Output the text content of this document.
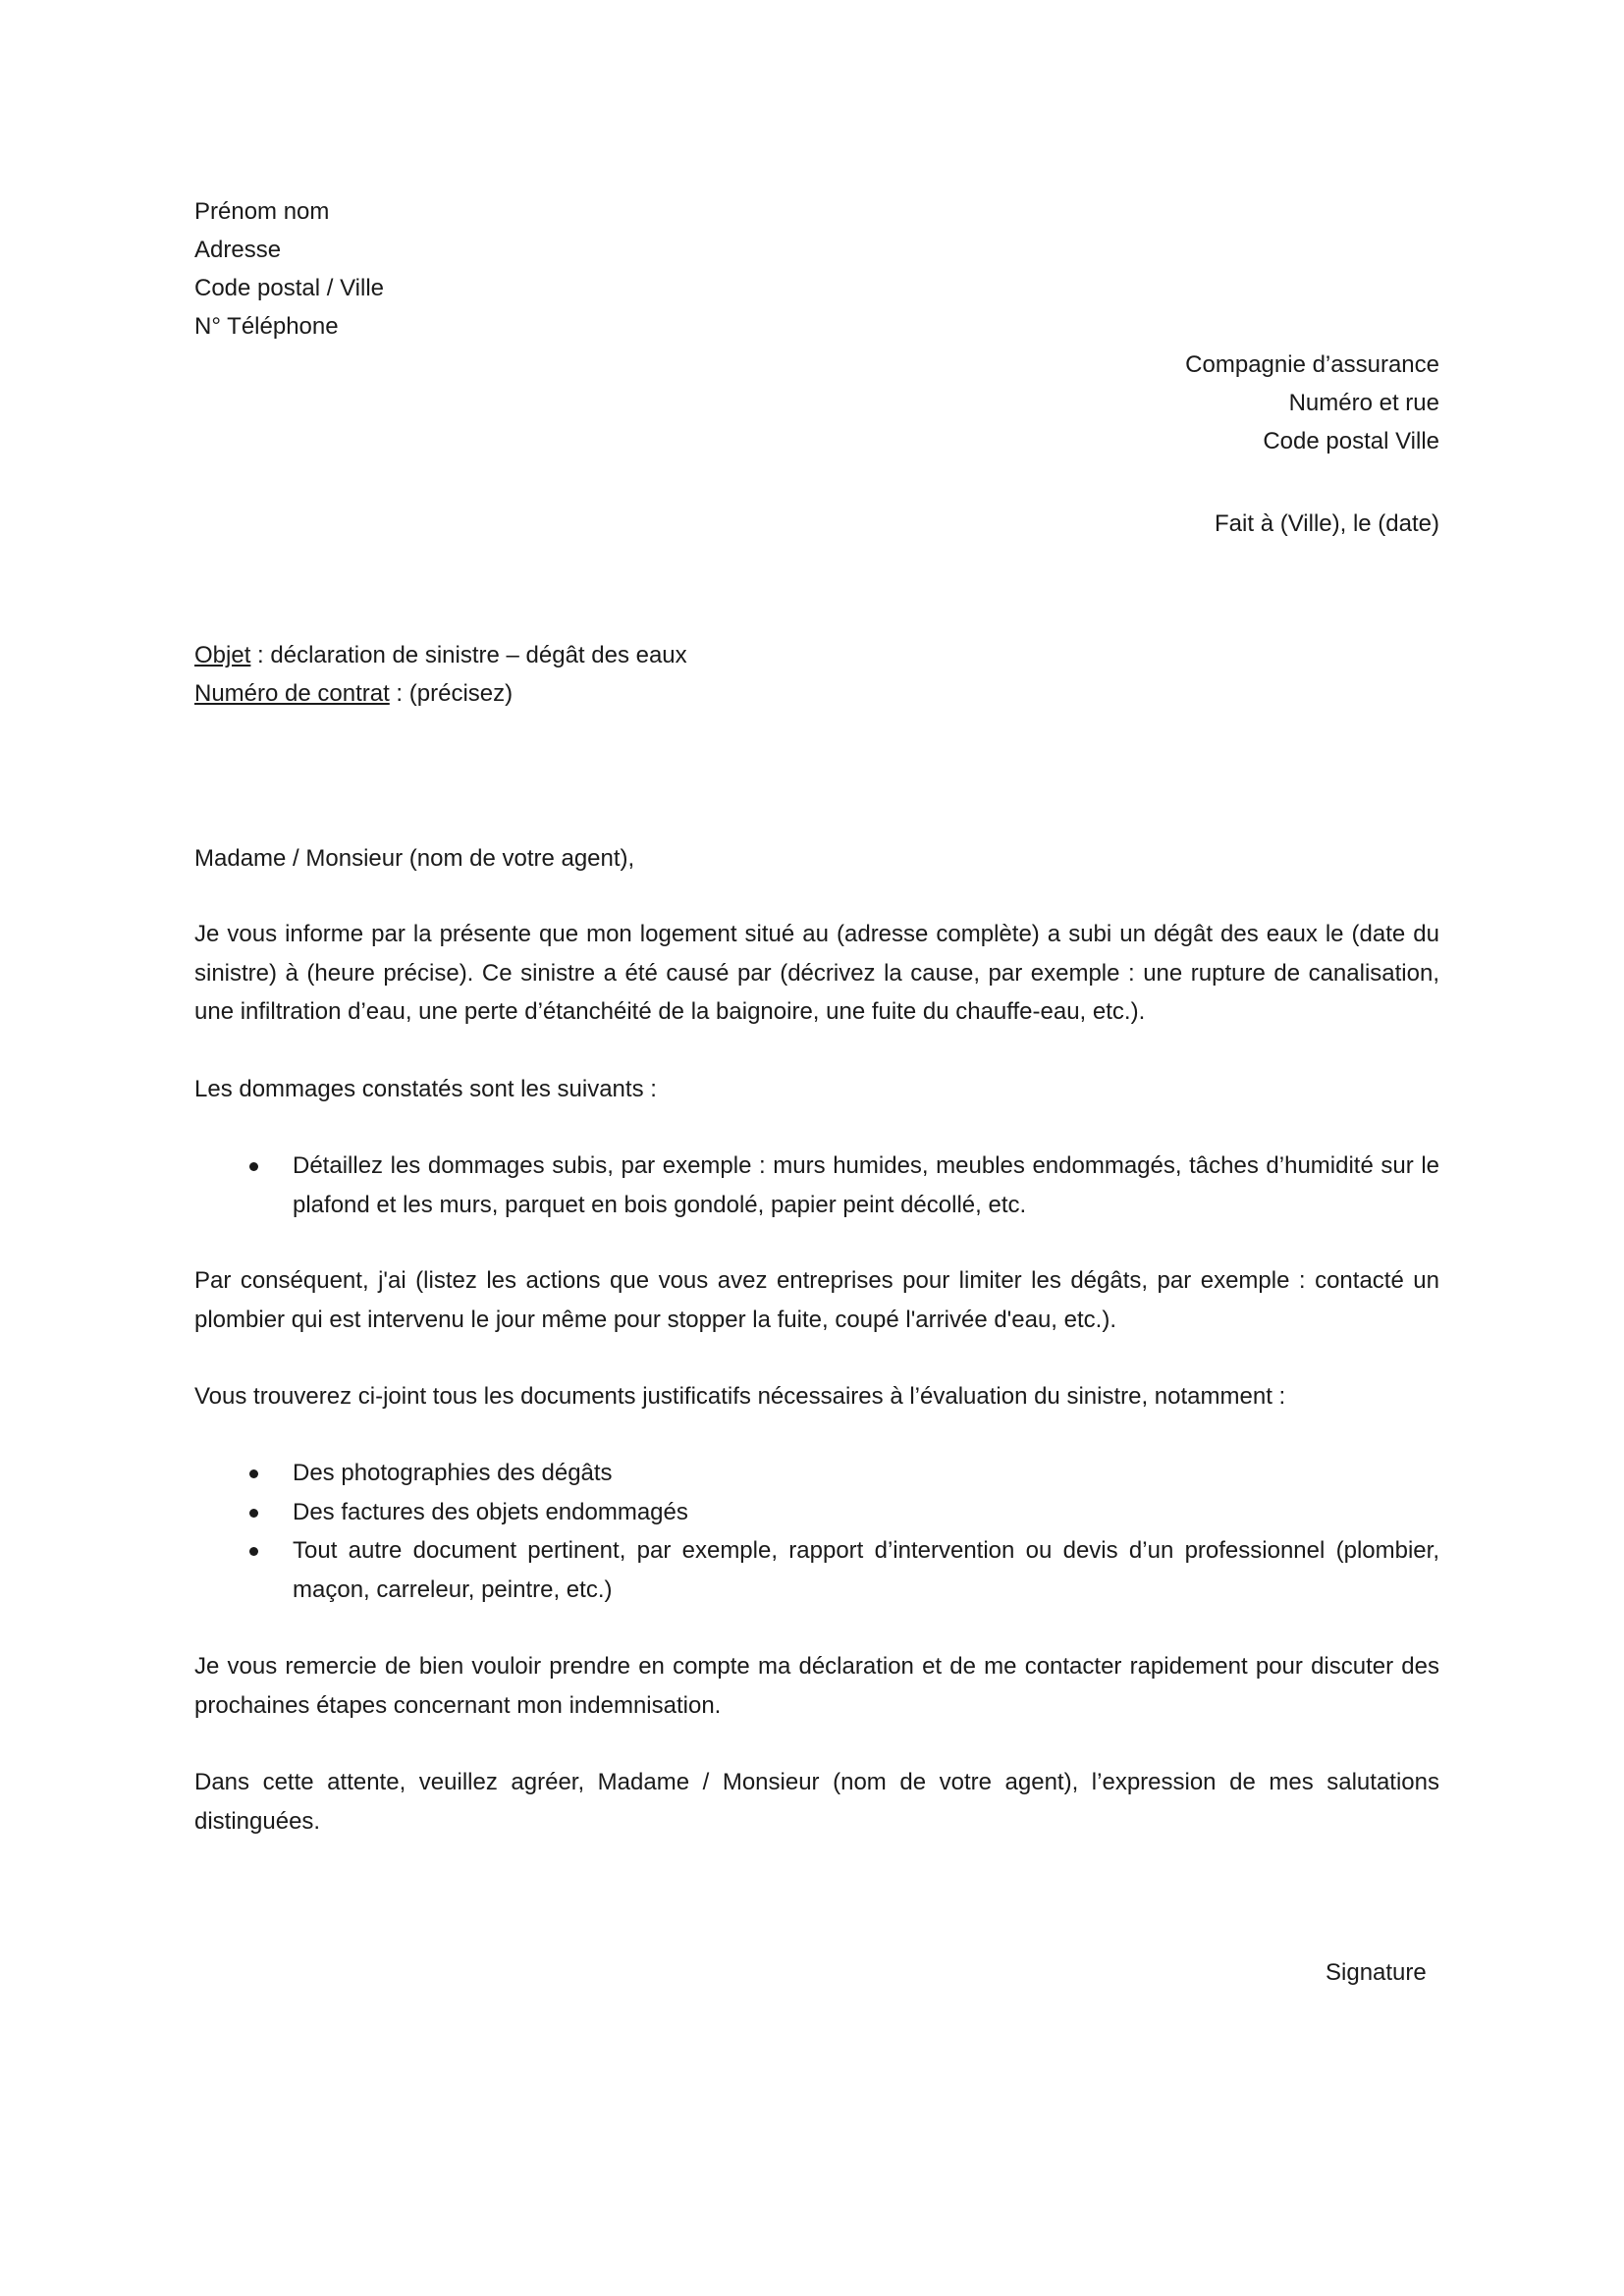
Prénom nom
Adresse
Code postal / Ville
N° Téléphone
Compagnie d’assurance
Numéro et rue
Code postal Ville
Fait à (Ville), le (date)
Objet : déclaration de sinistre – dégât des eaux
Numéro de contrat : (précisez)
Madame / Monsieur (nom de votre agent),
Je vous informe par la présente que mon logement situé au (adresse complète) a subi un dégât des eaux le (date du sinistre) à (heure précise). Ce sinistre a été causé par (décrivez la cause, par exemple : une rupture de canalisation, une infiltration d’eau, une perte d’étanchéité de la baignoire, une fuite du chauffe-eau, etc.).
Les dommages constatés sont les suivants :
Détaillez les dommages subis, par exemple : murs humides, meubles endommagés, tâches d’humidité sur le plafond et les murs, parquet en bois gondolé, papier peint décollé, etc.
Par conséquent, j'ai (listez les actions que vous avez entreprises pour limiter les dégâts, par exemple : contacté un plombier qui est intervenu le jour même pour stopper la fuite, coupé l'arrivée d'eau, etc.).
Vous trouverez ci-joint tous les documents justificatifs nécessaires à l’évaluation du sinistre, notamment :
Des photographies des dégâts
Des factures des objets endommagés
Tout autre document pertinent, par exemple, rapport d’intervention ou devis d’un professionnel (plombier, maçon, carreleur, peintre, etc.)
Je vous remercie de bien vouloir prendre en compte ma déclaration et de me contacter rapidement pour discuter des prochaines étapes concernant mon indemnisation.
Dans cette attente, veuillez agréer, Madame / Monsieur (nom de votre agent), l’expression de mes salutations distinguées.
Signature
